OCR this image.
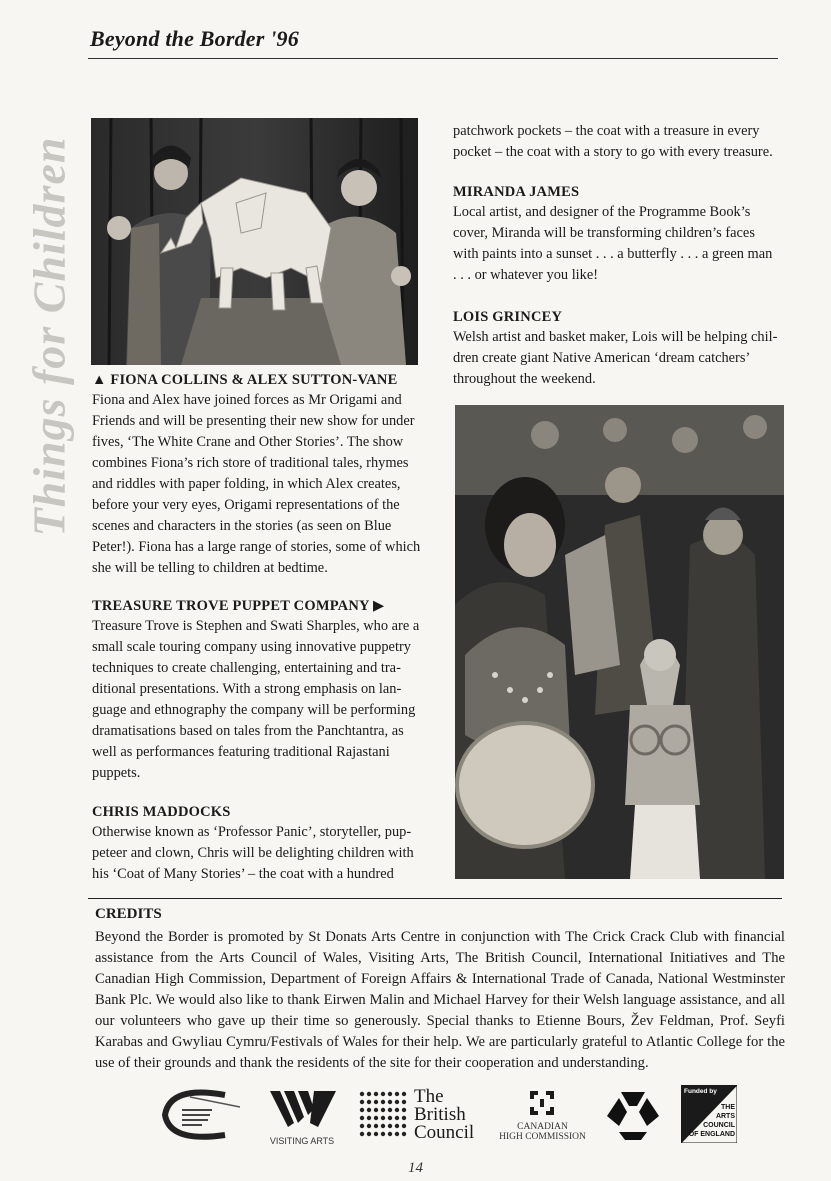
Beyond the Border '96
Things for Children ▲ FIONA COLLINS & ALEX SUTTON-VANE
Fiona and Alex have joined forces as Mr Origami and
Friends and will be presenting their new show for under
fives, ‘The White Crane and Other Stories’. The show
combines Fiona’s rich store of traditional tales, rhymes
and riddles with paper folding, in which Alex creates,
before your very eyes, Origami representations of the
scenes and characters in the stories (as seen on Blue
Peter!). Fiona has a large range of stories, some of which
she will be telling to children at bedtime.
TREASURE TROVE PUPPET COMPANY ▶
Treasure Trove is Stephen and Swati Sharples, who are a
small scale touring company using innovative puppetry
techniques to create challenging, entertaining and tra-
ditional presentations. With a strong emphasis on lan-
guage and ethnography the company will be performing
dramatisations based on tales from the Panchtantra, as
well as performances featuring traditional Rajastani
puppets.
CHRIS MADDOCKS
Otherwise known as ‘Professor Panic’, storyteller, pup-
peteer and clown, Chris will be delighting children with
his ‘Coat of Many Stories’ – the coat with a hundred
patchwork pockets – the coat with a treasure in every
pocket – the coat with a story to go with every treasure.
MIRANDA JAMES
Local artist, and designer of the Programme Book’s
cover, Miranda will be transforming children’s faces
with paints into a sunset . . . a butterfly . . . a green man
. . . or whatever you like!
LOIS GRINCEY
Welsh artist and basket maker, Lois will be helping chil-
dren create giant Native American ‘dream catchers’
throughout the weekend.
CREDITS
Beyond the Border is promoted by St Donats Arts Centre in conjunction with The Crick Crack Club with financial assistance from the Arts Council of Wales, Visiting Arts, The British Council, International Initiatives and The Canadian High Commission, Department of Foreign Affairs & International Trade of Canada, National Westminster Bank Plc. We would also like to thank Eirwen Malin and Michael Harvey for their Welsh language assistance, and all our volunteers who gave up their time so generously. Special thanks to Etienne Bours, Žev Feldman, Prof. Seyfi Karabas and Gwyliau Cymru/Festivals of Wales for their help. We are particularly grateful to Atlantic College for the use of their grounds and thank the residents of the site for their cooperation and understanding.
VISITING ARTS
The
British
Council	CANADIAN
HIGH COMMISSION
Funded by
THE
ARTS
COUNCIL
OF ENGLAND
14
